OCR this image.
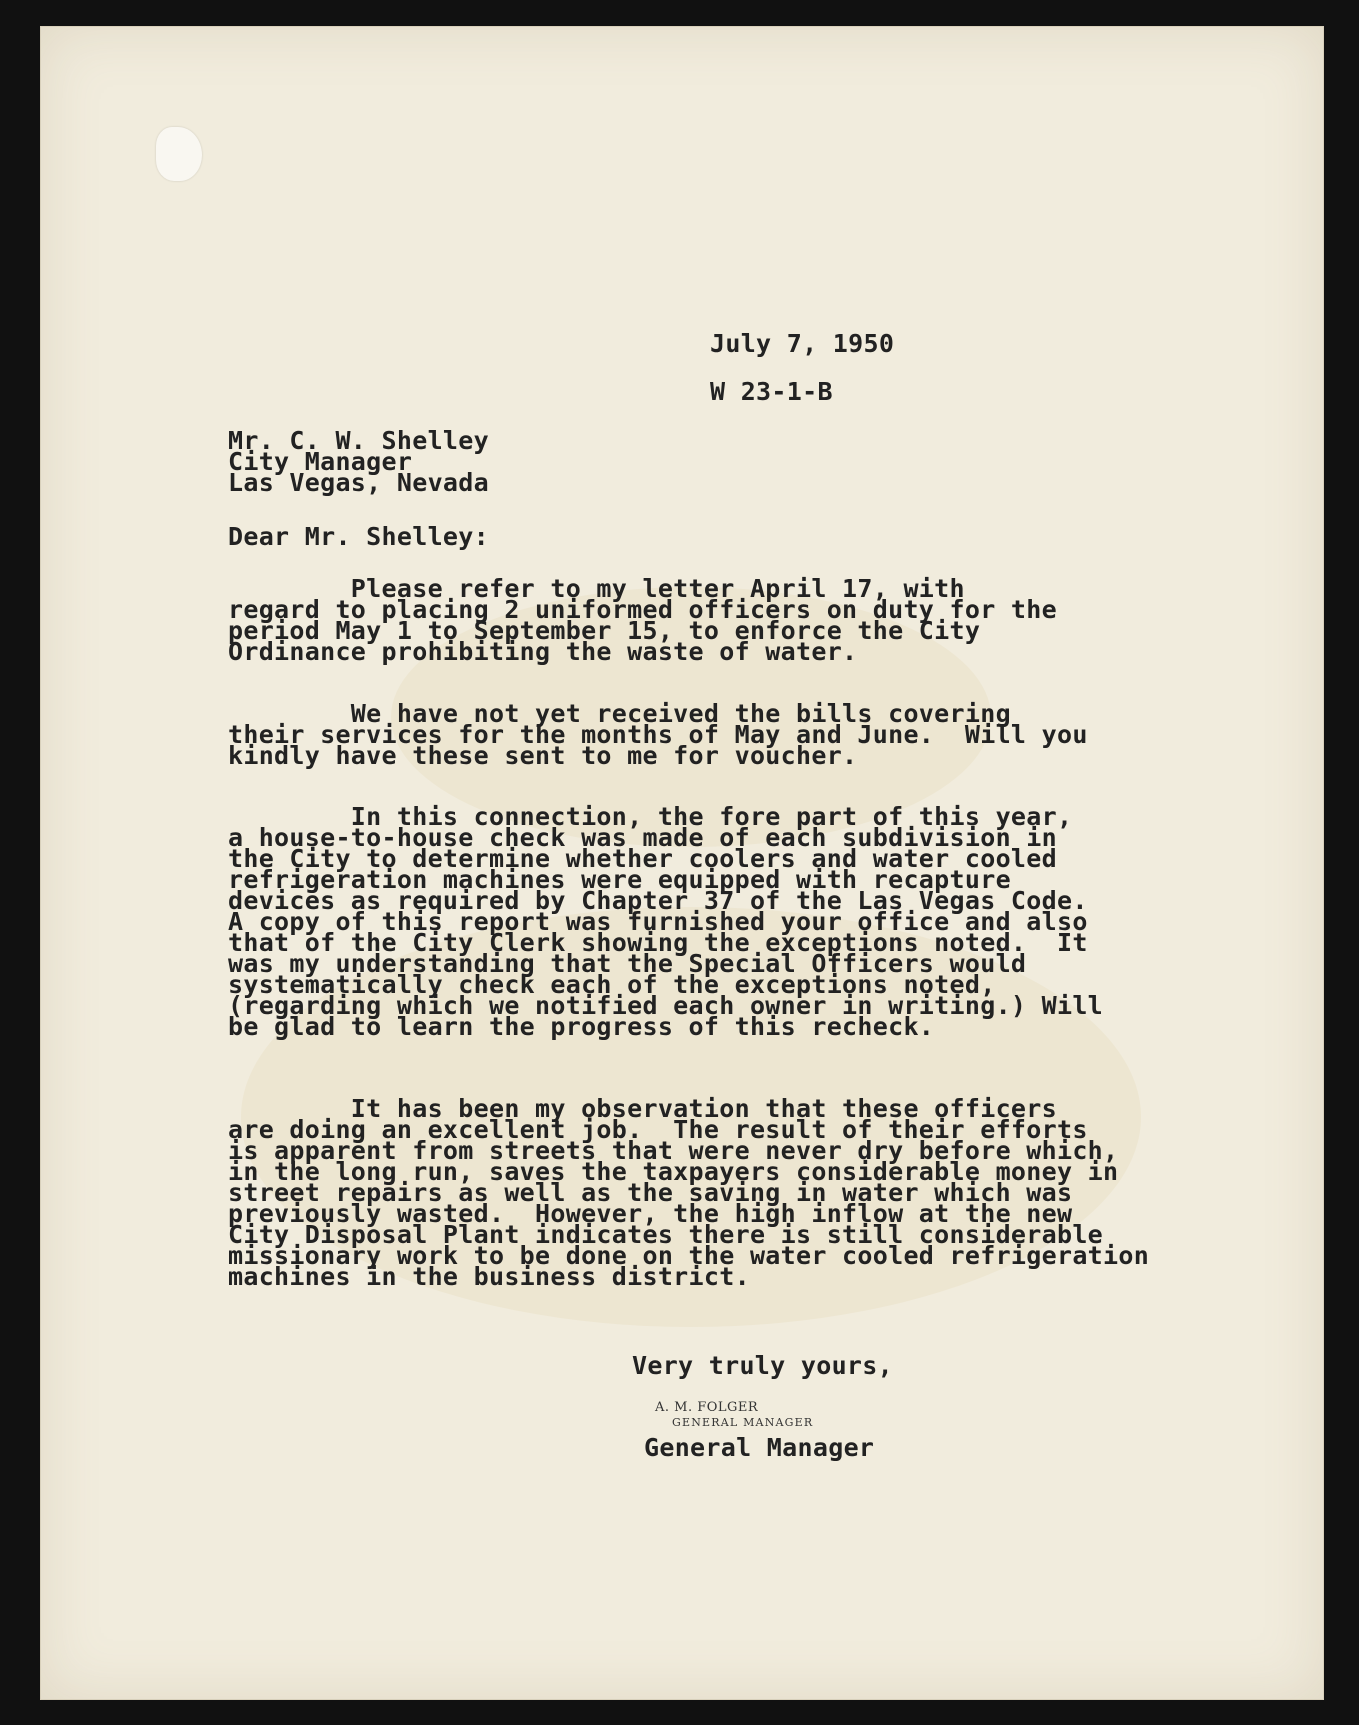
July 7, 1950

W 23-1-B

Mr. C. W. Shelley
City Manager
Las Vegas, Nevada

Dear Mr. Shelley:

Please refer to my letter April 17, with
regard to placing 2 uniformed officers on duty for the
period May 1 to September 15, to enforce the City
Ordinance prohibiting the waste of water.
We have not yet received the bills covering
their services for the months of May and June.  Will you
kindly have these sent to me for voucher.
In this connection, the fore part of this year,
a house-to-house check was made of each subdivision in
the City to determine whether coolers and water cooled
refrigeration machines were equipped with recapture
devices as required by Chapter 37 of the Las Vegas Code.
A copy of this report was furnished your office and also
that of the City Clerk showing the exceptions noted.  It
was my understanding that the Special Officers would
systematically check each of the exceptions noted,
(regarding which we notified each owner in writing.) Will
be glad to learn the progress of this recheck.
It has been my observation that these officers
are doing an excellent job.  The result of their efforts
is apparent from streets that were never dry before which,
in the long run, saves the taxpayers considerable money in
street repairs as well as the saving in water which was
previously wasted.  However, the high inflow at the new
City Disposal Plant indicates there is still considerable
missionary work to be done on the water cooled refrigeration
machines in the business district.

Very truly yours,

A. M. FOLGER

GENERAL MANAGER

General Manager
